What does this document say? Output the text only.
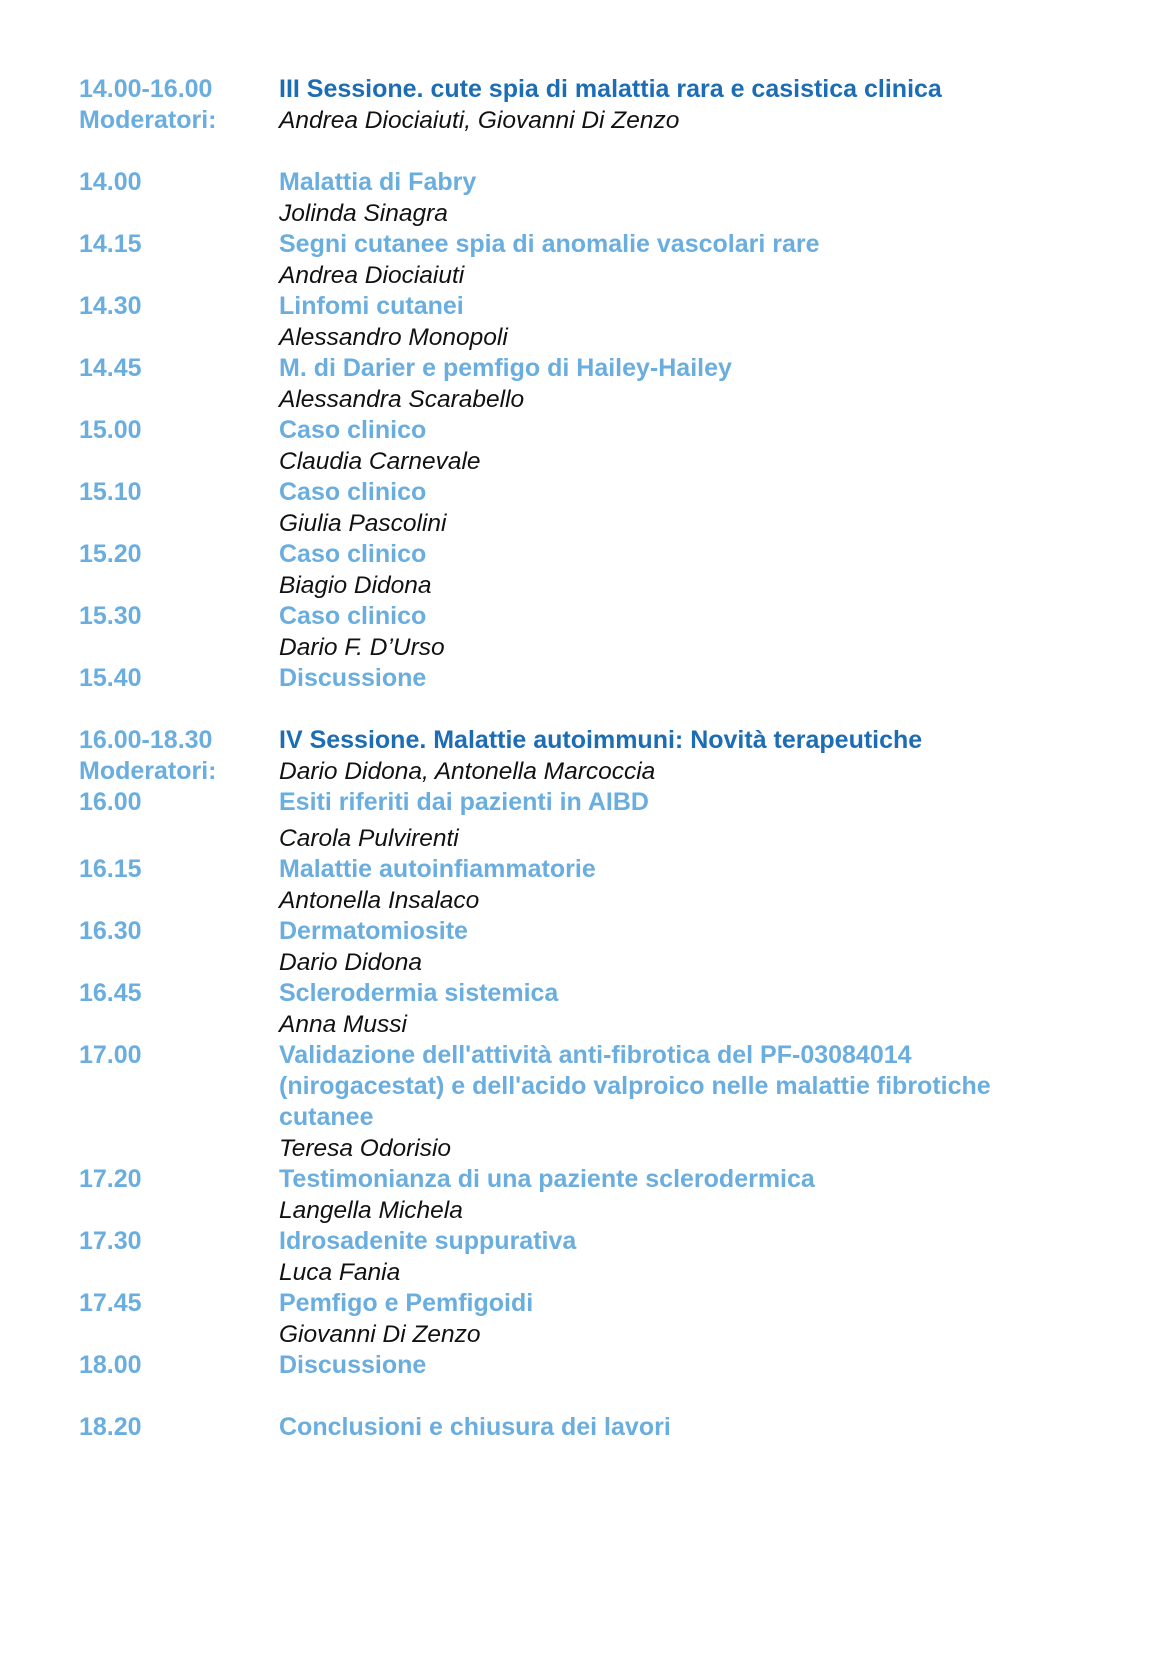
14.00-16.00	III Sessione. cute spia di malattia rara e casistica clinica
Moderatori:	Andrea Diociaiuti, Giovanni Di Zenzo
14.00	Malattia di Fabry
Jolinda Sinagra
14.15	Segni cutanee spia di anomalie vascolari rare
Andrea Diociaiuti
14.30	Linfomi cutanei
Alessandro Monopoli
14.45	M. di Darier e pemfigo di Hailey-Hailey
Alessandra Scarabello
15.00	Caso clinico
Claudia Carnevale
15.10	Caso clinico
Giulia Pascolini
15.20	Caso clinico
Biagio Didona
15.30	Caso clinico
Dario F. D’Urso
15.40	Discussione
16.00-18.30	IV Sessione. Malattie autoimmuni: Novità terapeutiche
Moderatori:	Dario Didona, Antonella Marcoccia
16.00	Esiti riferiti dai pazienti in AIBD
Carola Pulvirenti
16.15	Malattie autoinfiammatorie
Antonella Insalaco
16.30	Dermatomiosite
Dario Didona
16.45	Sclerodermia sistemica
Anna Mussi
17.00	Validazione dell'attività anti-fibrotica del PF-03084014
(nirogacestat) e dell'acido valproico nelle malattie fibrotiche
cutanee
Teresa Odorisio
17.20	Testimonianza di una paziente sclerodermica
Langella Michela
17.30	Idrosadenite suppurativa
Luca Fania
17.45	Pemfigo e Pemfigoidi
Giovanni Di Zenzo
18.00	Discussione
18.20	Conclusioni e chiusura dei lavori
